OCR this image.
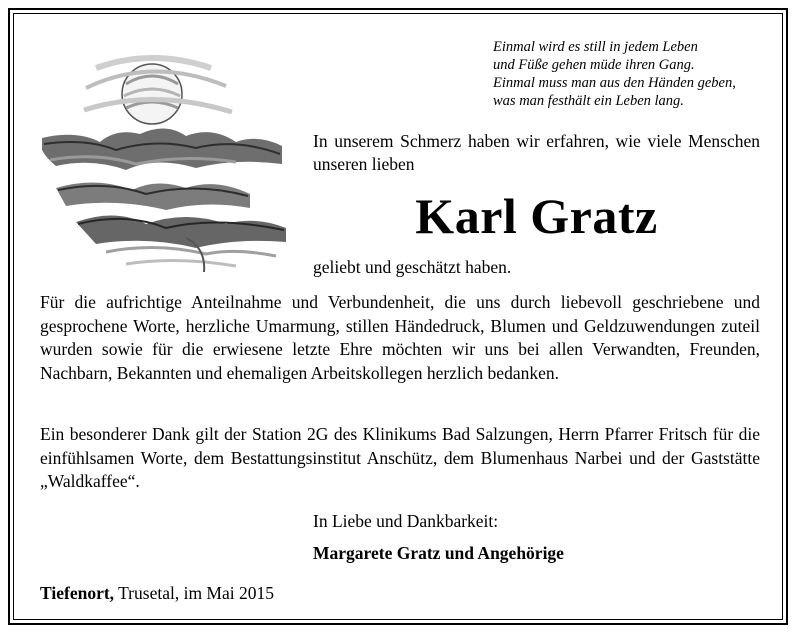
Einmal wird es still in jedem Leben
und Füße gehen müde ihren Gang.
Einmal muss man aus den Händen geben,
was man festhält ein Leben lang.
In unserem Schmerz haben wir erfahren, wie viele Menschen unseren lieben
Karl Gratz
geliebt und geschätzt haben.
Für die aufrichtige Anteilnahme und Verbundenheit, die uns durch liebevoll geschriebene und gesprochene Worte, herzliche Umarmung, stillen Händedruck, Blumen und Geldzuwendungen zuteil wurden sowie für die erwiesene letzte Ehre möchten wir uns bei allen Verwandten, Freunden, Nachbarn, Bekannten und ehemaligen Arbeitskollegen herzlich bedanken.
Ein besonderer Dank gilt der Station 2G des Klinikums Bad Salzungen, Herrn Pfarrer Fritsch für die einfühlsamen Worte, dem Bestattungsinstitut Anschütz, dem Blumenhaus Narbei und der Gaststätte „Waldkaffee“.
In Liebe und Dankbarkeit:
Margarete Gratz und Angehörige
Tiefenort, Trusetal, im Mai 2015
